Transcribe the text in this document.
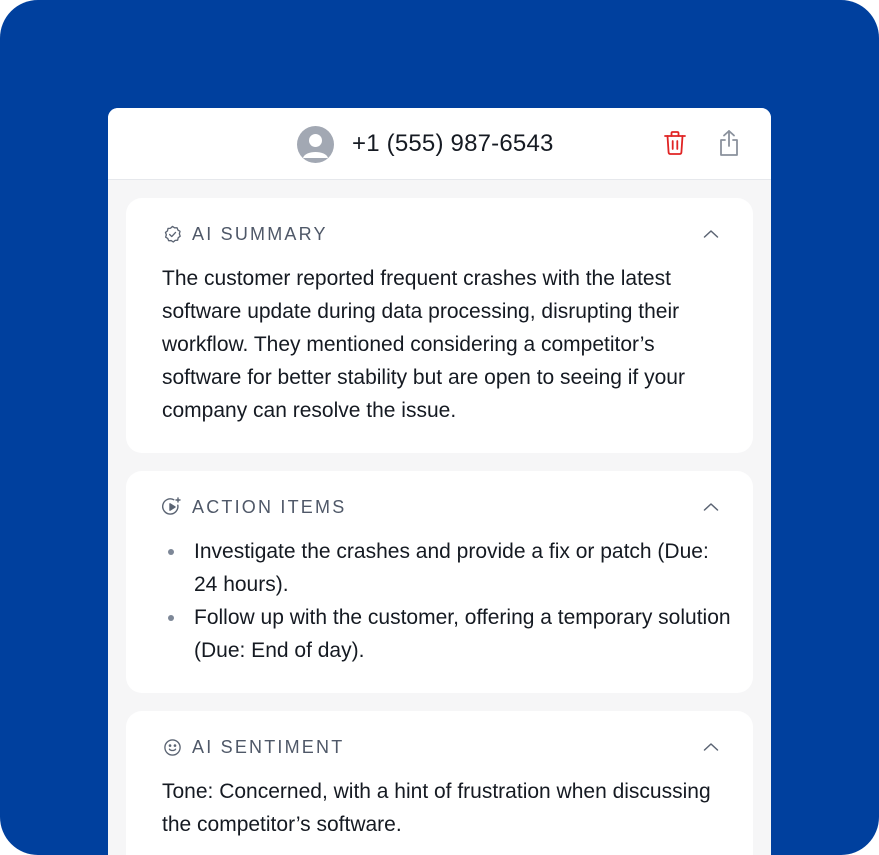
+1 (555) 987-6543
AI SUMMARY

The customer reported frequent crashes with the latest software update during data processing, disrupting their workflow. They mentioned considering a competitor’s software for better stability but are open to seeing if your company can resolve the issue.

ACTION ITEMS
Investigate the crashes and provide a fix or patch (Due: 24 hours).
Follow up with the customer, offering a temporary solution (Due: End of day).
AI SENTIMENT

Tone: Concerned, with a hint of frustration when discussing the competitor’s software.
